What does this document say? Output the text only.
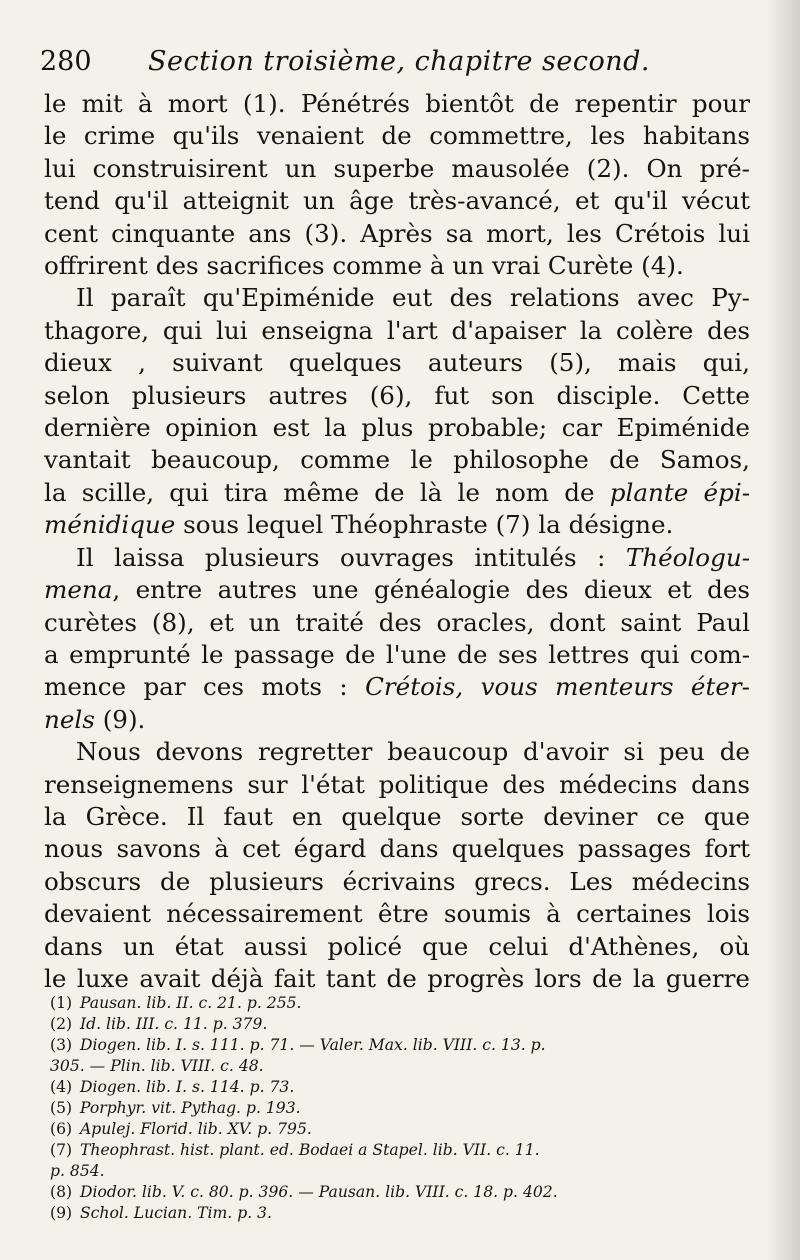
280 Section troisième, chapitre second.
le mit à mort (1). Pénétrés bientôt de repentir pour
le crime qu'ils venaient de commettre, les habitans
lui construisirent un superbe mausolée (2). On pré-
tend qu'il atteignit un âge très-avancé, et qu'il vécut
cent cinquante ans (3). Après sa mort, les Crétois lui
offrirent des sacrifices comme à un vrai Curète (4).
Il paraît qu'Epiménide eut des relations avec Py-
thagore, qui lui enseigna l'art d'apaiser la colère des
dieux , suivant quelques auteurs (5), mais qui,
selon plusieurs autres (6), fut son disciple. Cette
dernière opinion est la plus probable; car Epiménide
vantait beaucoup, comme le philosophe de Samos,
la scille, qui tira même de là le nom de plante épi-
ménidique sous lequel Théophraste (7) la désigne.
Il laissa plusieurs ouvrages intitulés : Théologu-
mena, entre autres une généalogie des dieux et des
curètes (8), et un traité des oracles, dont saint Paul
a emprunté le passage de l'une de ses lettres qui com-
mence par ces mots : Crétois, vous menteurs éter-
nels (9).
Nous devons regretter beaucoup d'avoir si peu de
renseignemens sur l'état politique des médecins dans
la Grèce. Il faut en quelque sorte deviner ce que
nous savons à cet égard dans quelques passages fort
obscurs de plusieurs écrivains grecs. Les médecins
devaient nécessairement être soumis à certaines lois
dans un état aussi policé que celui d'Athènes, où
le luxe avait déjà fait tant de progrès lors de la guerre
(1) Pausan. lib. II. c. 21. p. 255.
(2) Id. lib. III. c. 11. p. 379.
(3) Diogen. lib. I. s. 111. p. 71. — Valer. Max. lib. VIII. c. 13. p.
305. — Plin. lib. VIII. c. 48.
(4) Diogen. lib. I. s. 114. p. 73.
(5) Porphyr. vit. Pythag. p. 193.
(6) Apulej. Florid. lib. XV. p. 795.
(7) Theophrast. hist. plant. ed. Bodaei a Stapel. lib. VII. c. 11.
p. 854.
(8) Diodor. lib. V. c. 80. p. 396. — Pausan. lib. VIII. c. 18. p. 402.
(9) Schol. Lucian. Tim. p. 3.
